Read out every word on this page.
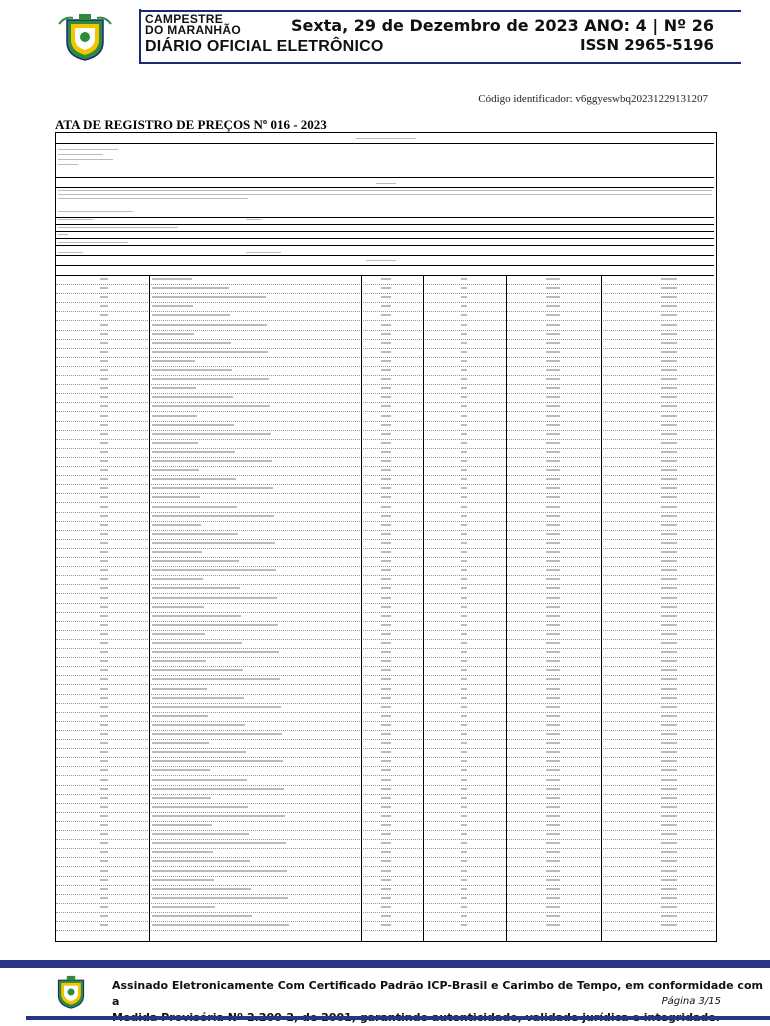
CAMPESTRE
DO MARANHÃO
DIÁRIO OFICIAL ELETRÔNICO
Sexta, 29 de Dezembro de 2023 ANO: 4 | Nº 26
ISSN 2965-5196
Código identificador: v6ggyeswbq20231229131207
ATA DE REGISTRO DE PREÇOS Nº 016 - 2023
Assinado Eletronicamente Com Certificado Padrão ICP-Brasil e Carimbo de Tempo, em conformidade com a	Página 3/15
